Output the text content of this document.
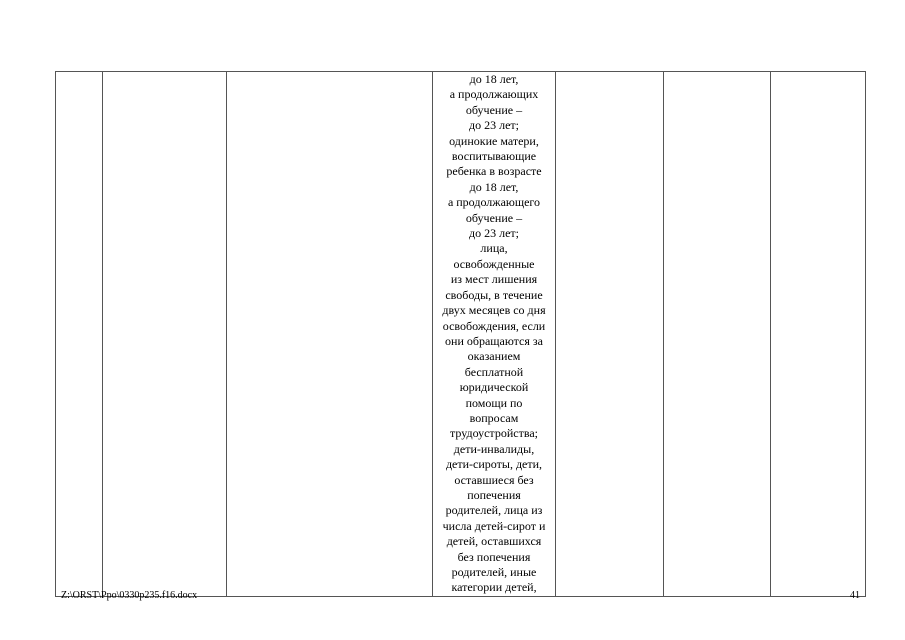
до 18 лет,
а продолжающих
обучение –
до 23 лет;
одинокие матери,
воспитывающие
ребенка в возрасте
до 18 лет,
а продолжающего
обучение –
до 23 лет;
лица,
освобожденные
из мест лишения
свободы, в течение
двух месяцев со дня
освобождения, если
они обращаются за
оказанием
бесплатной
юридической
помощи по
вопросам
трудоустройства;
дети-инвалиды,
дети-сироты, дети,
оставшиеся без
попечения
родителей, лица из
числа детей-сирот и
детей, оставшихся
без попечения
родителей, иные
категории детей,

Z:\ORST\Ppo\0330p235.f16.docx	41
